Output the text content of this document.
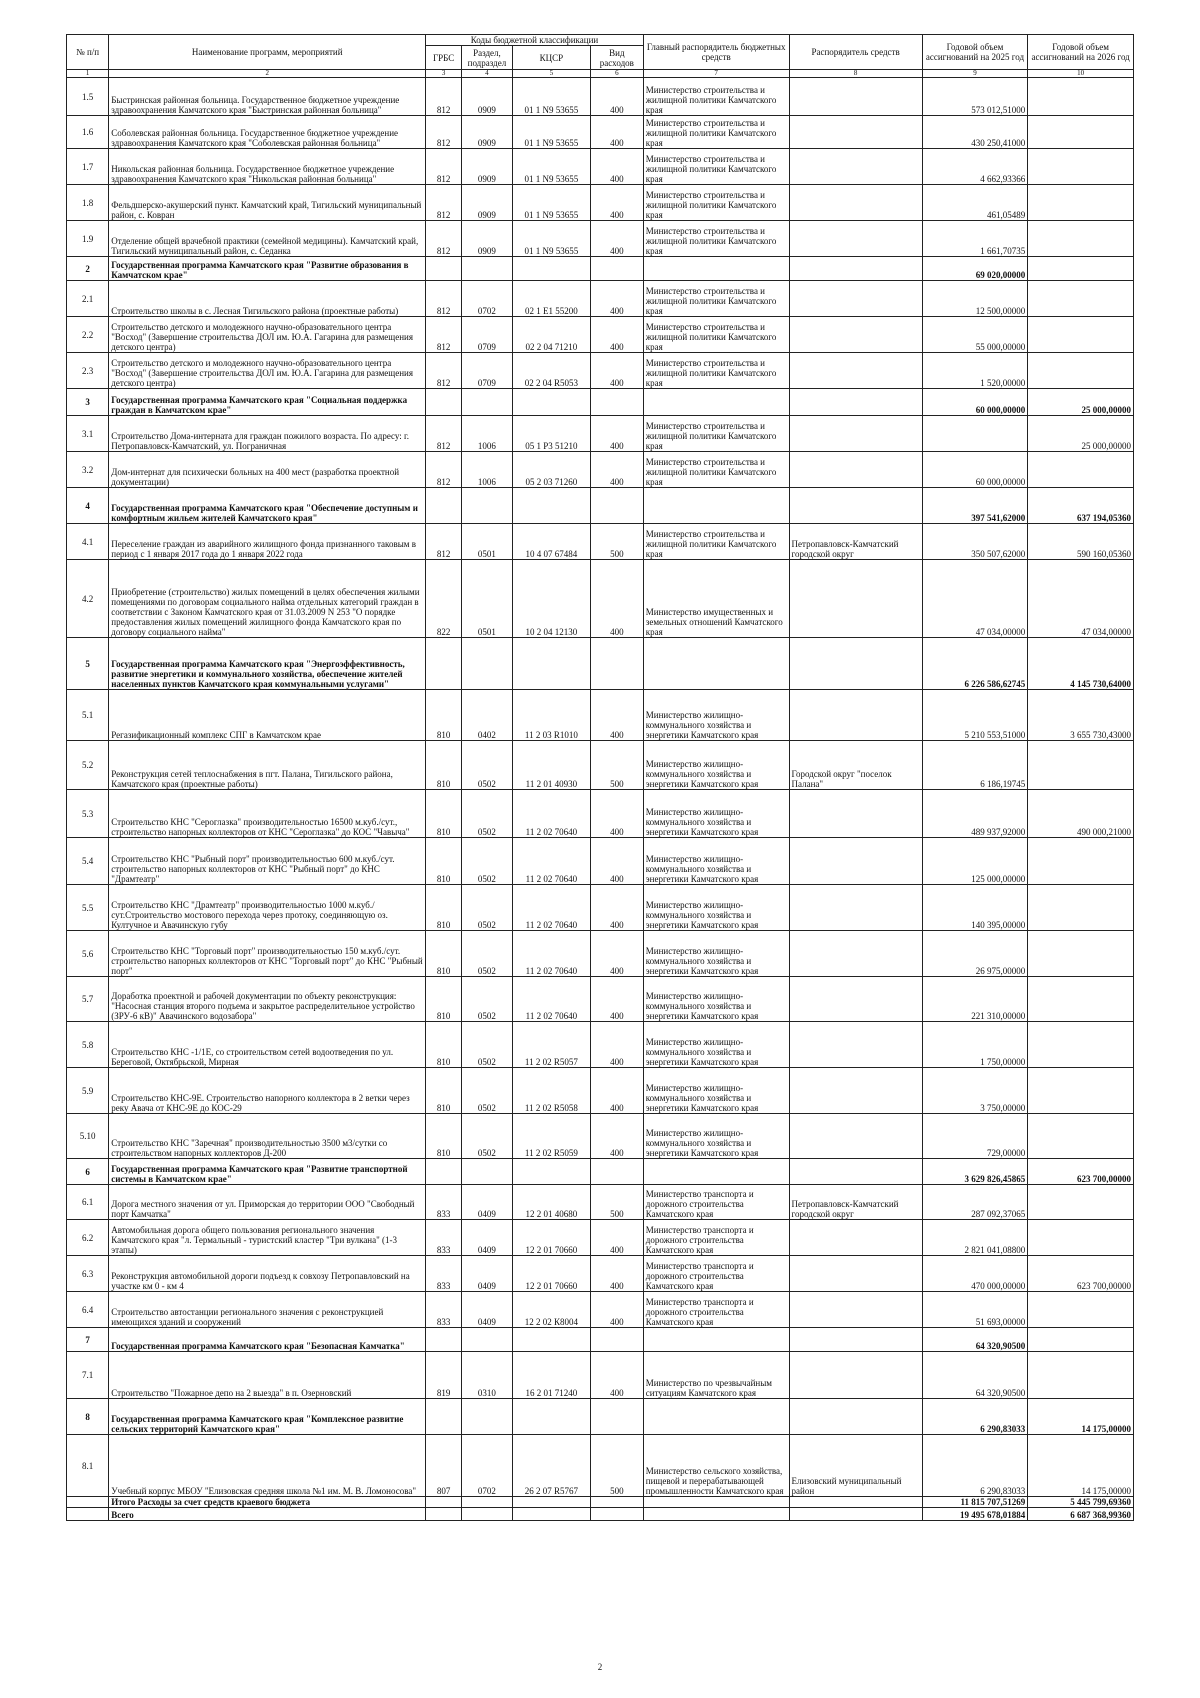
№ п/п	Наименование программ, мероприятий	Коды бюджетной классификации				Главный распорядитель бюджетных средств	Распорядитель средств	Годовой объем ассигнований на 2025 год	Годовой объем ассигнований на 2026 год
		ГРБС	Раздел, подраздел	КЦСР	Вид расходов				
1	2	3	4	5	6	7	8	9	10
1.5	Быстринская районная больница. Государственное бюджетное учреждение здравоохранения Камчатского края "Быстринская районная больница"	812	0909	01 1 N9 53655	400	Министерство строительства и жилищной политики Камчатского края		573 012,51000	
1.6	Соболевская районная больница. Государственное бюджетное учреждение здравоохранения Камчатского края "Соболевская районная больница"	812	0909	01 1 N9 53655	400	Министерство строительства и жилищной политики Камчатского края		430 250,41000	
1.7	Никольская районная больница. Государственное бюджетное учреждение здравоохранения Камчатского края "Никольская районная больница"	812	0909	01 1 N9 53655	400	Министерство строительства и жилищной политики Камчатского края		4 662,93366	
1.8	Фельдшерско-акушерский пункт. Камчатский край, Тигильский муниципальный район, с. Ковран	812	0909	01 1 N9 53655	400	Министерство строительства и жилищной политики Камчатского края		461,05489	
1.9	Отделение общей врачебной практики (семейной медицины). Камчатский край, Тигильский муниципальный район, с. Седанка	812	0909	01 1 N9 53655	400	Министерство строительства и жилищной политики Камчатского края		1 661,70735	
2	Государственная программа Камчатского края "Развитие образования в Камчатском крае"							69 020,00000	
2.1	Строительство школы в с. Лесная Тигильского района (проектные работы)	812	0702	02 1 Е1 55200	400	Министерство строительства и жилищной политики Камчатского края		12 500,00000	
2.2	Строительство детского и молодежного научно-образовательного центра "Восход" (Завершение строительства ДОЛ им. Ю.А. Гагарина для размещения детского центра)	812	0709	02 2 04 71210	400	Министерство строительства и жилищной политики Камчатского края		55 000,00000	
2.3	Строительство детского и молодежного научно-образовательного центра "Восход" (Завершение строительства ДОЛ им. Ю.А. Гагарина для размещения детского центра)	812	0709	02 2 04 R5053	400	Министерство строительства и жилищной политики Камчатского края		1 520,00000	
3	Государственная программа Камчатского края "Социальная поддержка граждан в Камчатском крае"							60 000,00000	25 000,00000
3.1	Строительство Дома-интерната для граждан пожилого возраста. По адресу: г. Петропавловск-Камчатский, ул. Пограничная	812	1006	05 1 Р3 51210	400	Министерство строительства и жилищной политики Камчатского края			25 000,00000
3.2	Дом-интернат для психически больных на 400 мест (разработка проектной документации)	812	1006	05 2 03 71260	400	Министерство строительства и жилищной политики Камчатского края		60 000,00000	
4	Государственная программа Камчатского края "Обеспечение доступным и комфортным жильем жителей Камчатского края"							397 541,62000	637 194,05360
4.1	Переселение граждан из аварийного жилищного фонда признанного таковым в период с 1 января 2017 года до 1 января 2022 года	812	0501	10 4 07 67484	500	Министерство строительства и жилищной политики Камчатского края	Петропавловск-Камчатский городской округ	350 507,62000	590 160,05360
4.2	Приобретение (строительство) жилых помещений в целях обеспечения жилыми помещениями по договорам социального найма отдельных категорий граждан в соответствии с Законом Камчатского края от 31.03.2009 N 253 "О порядке предоставления жилых помещений жилищного фонда Камчатского края по договору социального найма"	822	0501	10 2 04 12130	400	Министерство имущественных и земельных отношений Камчатского края		47 034,00000	47 034,00000
5	Государственная программа Камчатского края "Энергоэффективность, развитие энергетики и коммунального хозяйства, обеспечение жителей населенных пунктов Камчатского края коммунальными услугами"							6 226 586,62745	4 145 730,64000
5.1	Регазификационный комплекс СПГ в Камчатском крае	810	0402	11 2 03 R1010	400	Министерство жилищно-коммунального хозяйства и энергетики Камчатского края		5 210 553,51000	3 655 730,43000
5.2	Реконструкция сетей теплоснабжения в пгт. Палана, Тигильского района, Камчатского края (проектные работы)	810	0502	11 2 01 40930	500	Министерство жилищно-коммунального хозяйства и энергетики Камчатского края	Городской округ "поселок Палана"	6 186,19745	
5.3	Строительство КНС "Сероглазка" производительностью 16500 м.куб./сут., строительство напорных коллекторов от КНС "Сероглазка" до КОС "Чавыча"	810	0502	11 2 02 70640	400	Министерство жилищно-коммунального хозяйства и энергетики Камчатского края		489 937,92000	490 000,21000
5.4	Строительство КНС "Рыбный порт" производительностью 600 м.куб./сут. строительство напорных коллекторов от КНС "Рыбный порт" до КНС "Драмтеатр"	810	0502	11 2 02 70640	400	Министерство жилищно-коммунального хозяйства и энергетики Камчатского края		125 000,00000	
5.5	Строительство КНС "Драмтеатр" производительностью 1000 м.куб./сут.Строительство мостового перехода через протоку, соединяющую оз. Култучное и Авачинскую губу	810	0502	11 2 02 70640	400	Министерство жилищно-коммунального хозяйства и энергетики Камчатского края		140 395,00000	
5.6	Строительство КНС "Торговый порт" производительностью 150 м.куб./сут. строительство напорных коллекторов от КНС "Торговый порт" до КНС "Рыбный порт"	810	0502	11 2 02 70640	400	Министерство жилищно-коммунального хозяйства и энергетики Камчатского края		26 975,00000	
5.7	Доработка проектной и рабочей документации по объекту реконструкция: "Насосная станция второго подъема и закрытое распределительное устройство (ЗРУ-6 кВ)" Авачинского водозабора"	810	0502	11 2 02 70640	400	Министерство жилищно-коммунального хозяйства и энергетики Камчатского края		221 310,00000	
5.8	Строительство КНС -1/1Е, со строительством сетей водоотведения по ул. Береговой, Октябрьской, Мирная	810	0502	11 2 02 R5057	400	Министерство жилищно-коммунального хозяйства и энергетики Камчатского края		1 750,00000	
5.9	Строительство КНС-9Е. Строительство напорного коллектора в 2 ветки через реку Авача от КНС-9Е до КОС-29	810	0502	11 2 02 R5058	400	Министерство жилищно-коммунального хозяйства и энергетики Камчатского края		3 750,00000	
5.10	Строительство КНС "Заречная" производительностью 3500 м3/сутки со строительством напорных коллекторов Д-200	810	0502	11 2 02 R5059	400	Министерство жилищно-коммунального хозяйства и энергетики Камчатского края		729,00000	
6	Государственная программа Камчатского края "Развитие транспортной системы в Камчатском крае"							3 629 826,45865	623 700,00000
6.1	Дорога местного значения от ул. Приморская до территории ООО "Свободный порт Камчатка"	833	0409	12 2 01 40680	500	Министерство транспорта и дорожного строительства Камчатского края	Петропавловск-Камчатский городской округ	287 092,37065	
6.2	Автомобильная дорога общего пользования регионального значения Камчатского края "л. Термальный - туристский кластер "Три вулкана" (1-3 этапы)	833	0409	12 2 01 70660	400	Министерство транспорта и дорожного строительства Камчатского края		2 821 041,08800	
6.3	Реконструкция автомобильной дороги подъезд к совхозу Петропавловский на участке км 0 - км 4	833	0409	12 2 01 70660	400	Министерство транспорта и дорожного строительства Камчатского края		470 000,00000	623 700,00000
6.4	Строительство автостанции регионального значения с реконструкцией имеющихся зданий и сооружений	833	0409	12 2 02 К8004	400	Министерство транспорта и дорожного строительства Камчатского края		51 693,00000	
7	Государственная программа Камчатского края "Безопасная Камчатка"							64 320,90500	
7.1	Строительство "Пожарное депо на 2 выезда" в п. Озерновский	819	0310	16 2 01 71240	400	Министерство по чрезвычайным ситуациям Камчатского края		64 320,90500	
8	Государственная программа Камчатского края "Комплексное развитие сельских территорий Камчатского края"							6 290,83033	14 175,00000
8.1	Учебный корпус МБОУ "Елизовская средняя школа №1 им. М. В. Ломоносова"	807	0702	26 2 07 R5767	500	Министерство сельского хозяйства, пищевой и перерабатывающей промышленности Камчатского края	Елизовский муниципальный район	6 290,83033	14 175,00000
	Итого Расходы за счет средств краевого бюджета							11 815 707,51269	5 445 799,69360
	Всего							19 495 678,01884	6 687 368,99360
2
